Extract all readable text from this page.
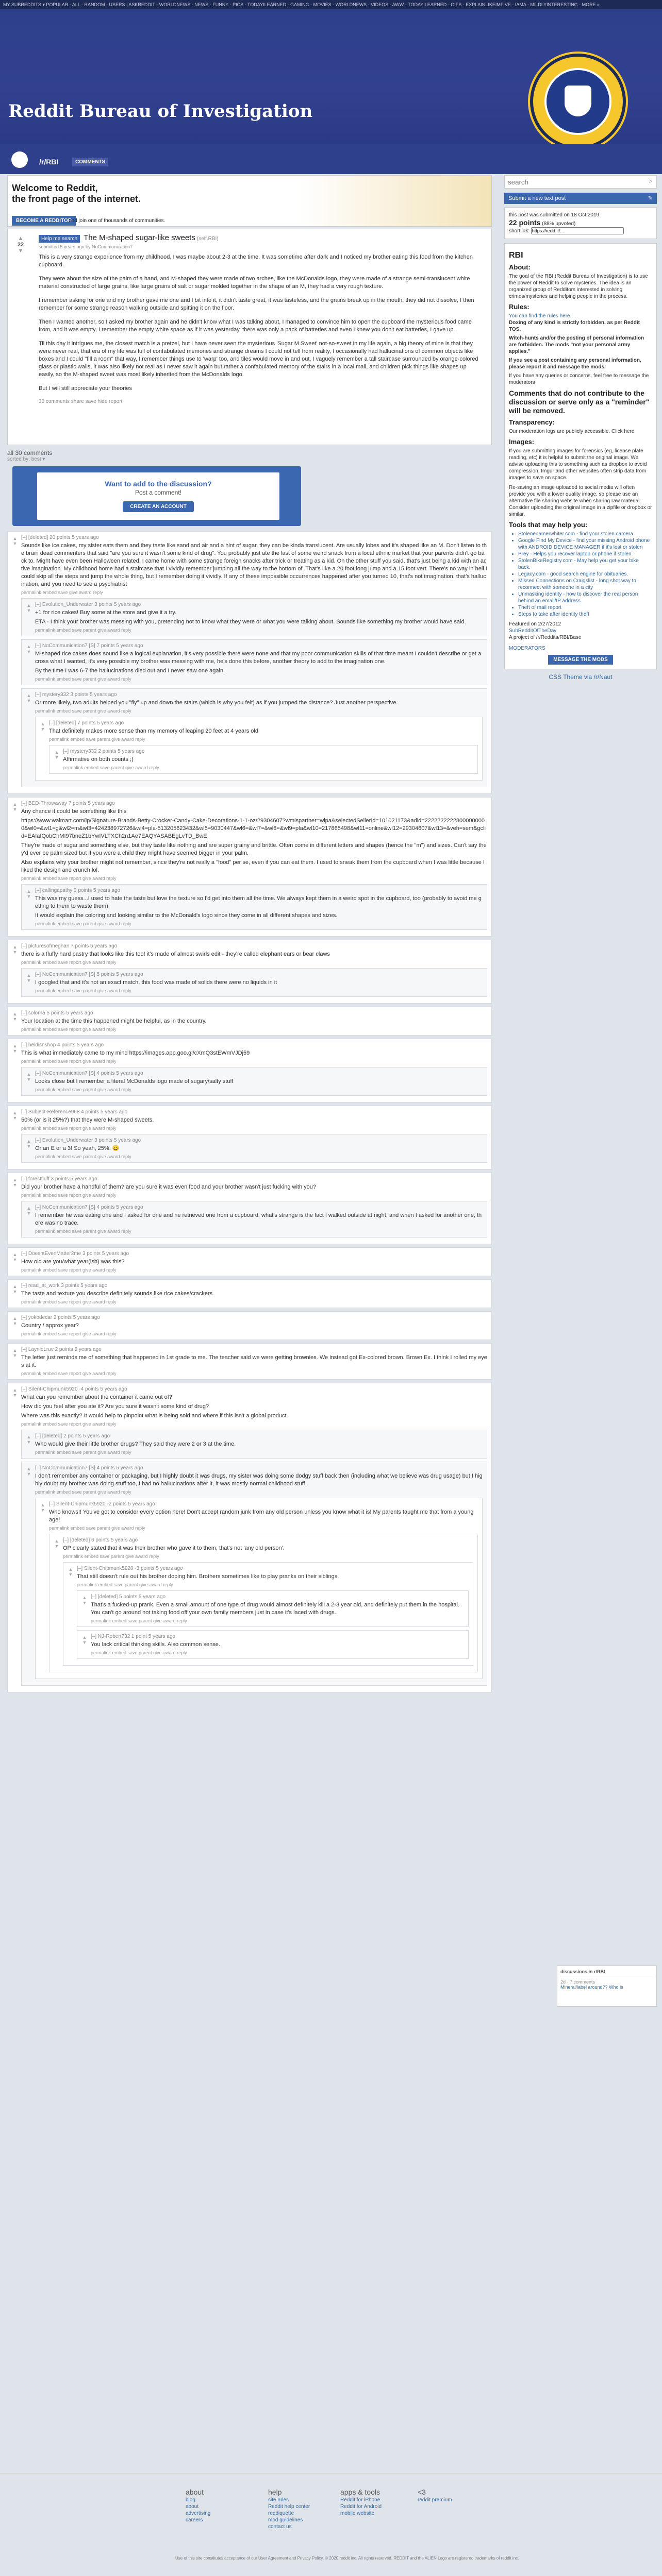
MY SUBREDDITS ▾ POPULAR - ALL - RANDOM - USERS | ASKREDDIT - WORLDNEWS - NEWS - FUNNY - PICS - TODAYILEARNED - GAMING - MOVIES - WORLDNEWS - VIDEOS - AWW - TODAYILEARNED - GIFS - EXPLAINLIKEIMFIVE - IAMA - MILDLYINTERESTING - MORE »
Reddit Bureau of Investigation
/r/RBI	COMMENTS
Welcome to Reddit,
the front page of the internet.
BECOME A REDDITOR
and join one of thousands of communities.
▲
22
▼
Help me search The M-shaped sugar-like sweets (self.RBI)
submitted 5 years ago by NoCommunication7

This is a very strange experience from my childhood, I was maybe about 2-3 at the time. It was sometime after dark and I noticed my brother eating this food from the kitchen cupboard.

They were about the size of the palm of a hand, and M-shaped they were made of two arches, like the McDonalds logo, they were made of a strange semi-translucent white material constructed of large grains, like large grains of salt or sugar molded together in the shape of an M, they had a very rough texture.

I remember asking for one and my brother gave me one and I bit into it, it didn't taste great, it was tasteless, and the grains break up in the mouth, they did not dissolve, I then remember for some strange reason walking outside and spitting it on the floor.

Then I wanted another, so I asked my brother again and he didn't know what I was talking about, I managed to convince him to open the cupboard the mysterious food came from, and it was empty, I remember the empty white space as if it was yesterday, there was only a pack of batteries and even I knew you don't eat batteries, I gave up.

Til this day it intrigues me, the closest match is a pretzel, but I have never seen the mysterious 'Sugar M Sweet' not-so-sweet in my life again, a big theory of mine is that they were never real, that era of my life was full of confabulated memories and strange dreams I could not tell from reality, I occasionally had hallucinations of common objects like boxes and I could "fill a room" that way, I remember things use to 'warp' too, and tiles would move in and out, I vaguely remember a tall staircase surrounded by orange-colored glass or plastic walls, it was also likely not real as I never saw it again but rather a confabulated memory of the stairs in a local mall, and children pick things like shapes up easily, so the M-shaped sweet was most likely inherited from the McDonalds logo.

But I will still appreciate your theories

30 comments share save hide report
all 30 comments
sorted by: best ▾
Want to add to the discussion?
Post a comment!
CREATE AN ACCOUNT
▲
▼
[–] [deleted] 20 points 5 years ago

Sounds like ice cakes, my sister eats them and they taste like sand and air and a hint of sugar, they can be kinda translucent. Are usually lobes and it's shaped like an M. Don't listen to the brain dead commenters that said "are you sure it wasn't some kind of drug". You probably just ate the last of some weird snack from a local ethnic market that your parents didn't go back to. Might have even been Halloween related, I came home with some strange foreign snacks after trick or treating as a kid. On the other stuff you said, that's just being a kid with an active imagination. My childhood home had a staircase that I vividly remember jumping all the way to the bottom of. That's like a 20 foot long jump and a 15 foot vert. There's no way in hell I could skip all the steps and jump the whole thing, but I remember doing it vividly. If any of these impossible occurrences happened after you turned 10, that's not imagination, that's hallucination, and you need to see a psychiatrist

permalink embed save give award reply
▲
▼
[–] Evolution_Underwater 3 points 5 years ago

+1 for rice cakes! Buy some at the store and give it a try.

ETA - I think your brother was messing with you, pretending not to know what they were or what you were talking about. Sounds like something my brother would have said.

permalink embed save parent give award reply
▲
▼
[–] NoCommunication7 [S] 7 points 5 years ago

M-shaped rice cakes does sound like a logical explanation, it's very possible there were none and that my poor communication skills of that time meant I couldn't describe or get across what I wanted, it's very possible my brother was messing with me, he's done this before, another theory to add to the imagination one.

By the time I was 6-7 the hallucinations died out and I never saw one again.

permalink embed save parent give award reply
▲
▼
[–] mystery332 3 points 5 years ago

Or more likely, two adults helped you "fly" up and down the stairs (which is why you felt) as if you jumped the distance? Just another perspective.

permalink embed save parent give award reply
▲
▼
[–] [deleted] 7 points 5 years ago

That definitely makes more sense than my memory of leaping 20 feet at 4 years old

permalink embed save parent give award reply
▲
▼
[–] mystery332 2 points 5 years ago

Affirmative on both counts ;)

permalink embed save parent give award reply
▲
▼
[–] BED-Throwaway 7 points 5 years ago

Any chance it could be something like this

https://www.walmart.com/ip/Signature-Brands-Betty-Crocker-Candy-Cake-Decorations-1-1-oz/29304607?wmlspartner=wlpa&selectedSellerId=101021173&adid=22222222228000000000&wl0=&wl1=g&wl2=m&wl3=424238972726&wl4=pla-513205623432&wl5=9030447&wl6=&wl7=&wl8=&wl9=pla&wl10=217865498&wl11=online&wl12=29304607&wl13=&veh=sem&gclid=EAIaIQobChMI97bneZ1bYwIVLTXCh2n1Ae7EAQYASABEgLvTD_BwE

They're made of sugar and something else, but they taste like nothing and are super grainy and brittle. Often come in different letters and shapes (hence the "m") and sizes. Can't say they'd ever be palm sized but if you were a child they might have seemed bigger in your palm.

Also explains why your brother might not remember, since they're not really a "food" per se, even if you can eat them. I used to sneak them from the cupboard when I was little because I liked the design and crunch lol.

permalink embed save report give award reply
▲
▼
[–] callingapathy 3 points 5 years ago

This was my guess...I used to hate the taste but love the texture so I'd get into them all the time. We always kept them in a weird spot in the cupboard, too (probably to avoid me getting to them to waste them).

It would explain the coloring and looking similar to the McDonald's logo since they come in all different shapes and sizes.

permalink embed save parent give award reply
▲
▼
[–] picturesofmeghan 7 points 5 years ago

there is a fluffy hard pastry that looks like this too! it's made of almost swirls edit - they're called elephant ears or bear claws

permalink embed save report give award reply
▲
▼
[–] NoCommunication7 [S] 5 points 5 years ago

I googled that and it's not an exact match, this food was made of solids there were no liquids in it

permalink embed save parent give award reply
▲
▼
[–] solorna 5 points 5 years ago

Your location at the time this happened might be helpful, as in the country.

permalink embed save report give award reply
▲
▼
[–] heidisnshop 4 points 5 years ago

This is what immediately came to my mind https://images.app.goo.gl/cXmQ3stEWmVJDj59

permalink embed save report give award reply
▲
▼
[–] NoCommunication7 [S] 4 points 5 years ago

Looks close but I remember a literal McDonalds logo made of sugary/salty stuff

permalink embed save parent give award reply
▲
▼
[–] Subject-Reference968 4 points 5 years ago

50% (or is it 25%?) that they were M-shaped sweets.

permalink embed save report give award reply
▲
▼
[–] Evolution_Underwater 3 points 5 years ago

Or an E or a 3! So yeah, 25%. 😄

permalink embed save parent give award reply
▲
▼
[–] forestfluff 3 points 5 years ago

Did your brother have a handful of them? are you sure it was even food and your brother wasn't just fucking with you?

permalink embed save report give award reply
▲
▼
[–] NoCommunication7 [S] 4 points 5 years ago

I remember he was eating one and I asked for one and he retrieved one from a cupboard, what's strange is the fact I walked outside at night, and when I asked for another one, there was no trace.

permalink embed save parent give award reply
▲
▼
[–] DoesntEvenMatter2me 3 points 5 years ago

How old are you/what year(ish) was this?

permalink embed save report give award reply
▲
▼
[–] read_at_work 3 points 5 years ago

The taste and texture you describe definitely sounds like rice cakes/crackers.

permalink embed save report give award reply
▲
▼
[–] yokodecar 2 points 5 years ago

Country / approx year?

permalink embed save report give award reply
▲
▼
[–] LaynieLruv 2 points 5 years ago

The letter just reminds me of something that happened in 1st grade to me. The teacher said we were getting brownies. We instead got Ex-colored brown. Brown Ex. I think I rolled my eyes at it.

permalink embed save report give award reply
▲
▼
[–] Silent-Chipmunk5920 -4 points 5 years ago

What can you remember about the container it came out of?

How did you feel after you ate it? Are you sure it wasn't some kind of drug?

Where was this exactly? It would help to pinpoint what is being sold and where if this isn't a global product.

permalink embed save report give award reply
▲
▼
[–] [deleted] 2 points 5 years ago

Who would give their little brother drugs? They said they were 2 or 3 at the time.

permalink embed save parent give award reply
▲
▼
[–] NoCommunication7 [S] 4 points 5 years ago

I don't remember any container or packaging, but I highly doubt it was drugs, my sister was doing some dodgy stuff back then (including what we believe was drug usage) but I highly doubt my brother was doing stuff too, I had no hallucinations after it, it was mostly normal childhood stuff.

permalink embed save parent give award reply
▲
▼
[–] Silent-Chipmunk5920 -2 points 5 years ago

Who knows!! You've got to consider every option here! Don't accept random junk from any old person unless you know what it is! My parents taught me that from a young age!

permalink embed save parent give award reply
▲
▼
[–] [deleted] 6 points 5 years ago

OP clearly stated that it was their brother who gave it to them, that's not 'any old person'.

permalink embed save parent give award reply
▲
▼
[–] Silent-Chipmunk5920 -3 points 5 years ago

That still doesn't rule out his brother doping him. Brothers sometimes like to play pranks on their siblings.

permalink embed save parent give award reply
▲
▼
[–] [deleted] 5 points 5 years ago

That's a fucked-up prank. Even a small amount of one type of drug would almost definitely kill a 2-3 year old, and definitely put them in the hospital. You can't go around not taking food off your own family members just in case it's laced with drugs.

permalink embed save parent give award reply
▲
▼
[–] NJ-Robert732 1 point 5 years ago

You lack critical thinking skills. Also common sense.

permalink embed save parent give award reply
search
⌕
Submit a new text post	✎

this post was submitted on 18 Oct 2019

22 points (88% upvoted)

shortlink: https://redd.it/...

RBI
About:

The goal of the RBI (Reddit Bureau of Investigation) is to use the power of Reddit to solve mysteries. The idea is an organized group of Redditors interested in solving crimes/mysteries and helping people in the process.

Rules:

You can find the rules here.

Doxing of any kind is strictly forbidden, as per Reddit TOS.

Witch-hunts and/or the posting of personal information are forbidden. The mods "not your personal army applies."

If you see a post containing any personal information, please report it and message the mods.

If you have any queries or concerns, feel free to message the moderators

Comments that do not contribute to the discussion or serve only as a "reminder" will be removed.

Transparency:

Our moderation logs are publicly accessible. Click here

Images:

If you are submitting images for forensics (eg, license plate reading, etc) it is helpful to submit the original image. We advise uploading this to something such as dropbox to avoid compression, Imgur and other websites often strip data from images to save on space.

Re-saving an image uploaded to social media will often provide you with a lower quality image, so please use an alternative file sharing website when sharing raw material. Consider uploading the original image in a zipfile or dropbox or similar.

Tools that may help you:
• Stolenenamerwhiter.com - find your stolen camera
• Google Find My Device - find your missing Android phone with ANDROID DEVICE MANAGER if it's lost or stolen
• Prey - Helps you recover laptop or phone if stolen.
• StolenBikeRegistry.com - May help you get your bike back.
• Legacy.com - good search engine for obituaries.
• Missed Connections on Craigslist - long shot way to reconnect with someone in a city
• Unmasking identity - how to discover the real person behind an email/IP address
• Theft of mail report
• Steps to take after identity theft

Featured on 2/27/2012

SubRedditOfTheDay

A project of /r/Reddits/RBI/Base

MODERATORS

MESSAGE THE MODS
CSS Theme via /r/Naut
discussions in r/RBI
2d · 7 comments
Mineral/label around?? Who is
about
blog
about
advertising
careers
help
site rules
Reddit help center
reddiquette
mod guidelines
contact us
apps & tools
Reddit for iPhone
Reddit for Android
mobile website
<3
reddit premium
Use of this site constitutes acceptance of our User Agreement and Privacy Policy. © 2020 reddit inc. All rights reserved. REDDIT and the ALIEN Logo are registered trademarks of reddit inc.
